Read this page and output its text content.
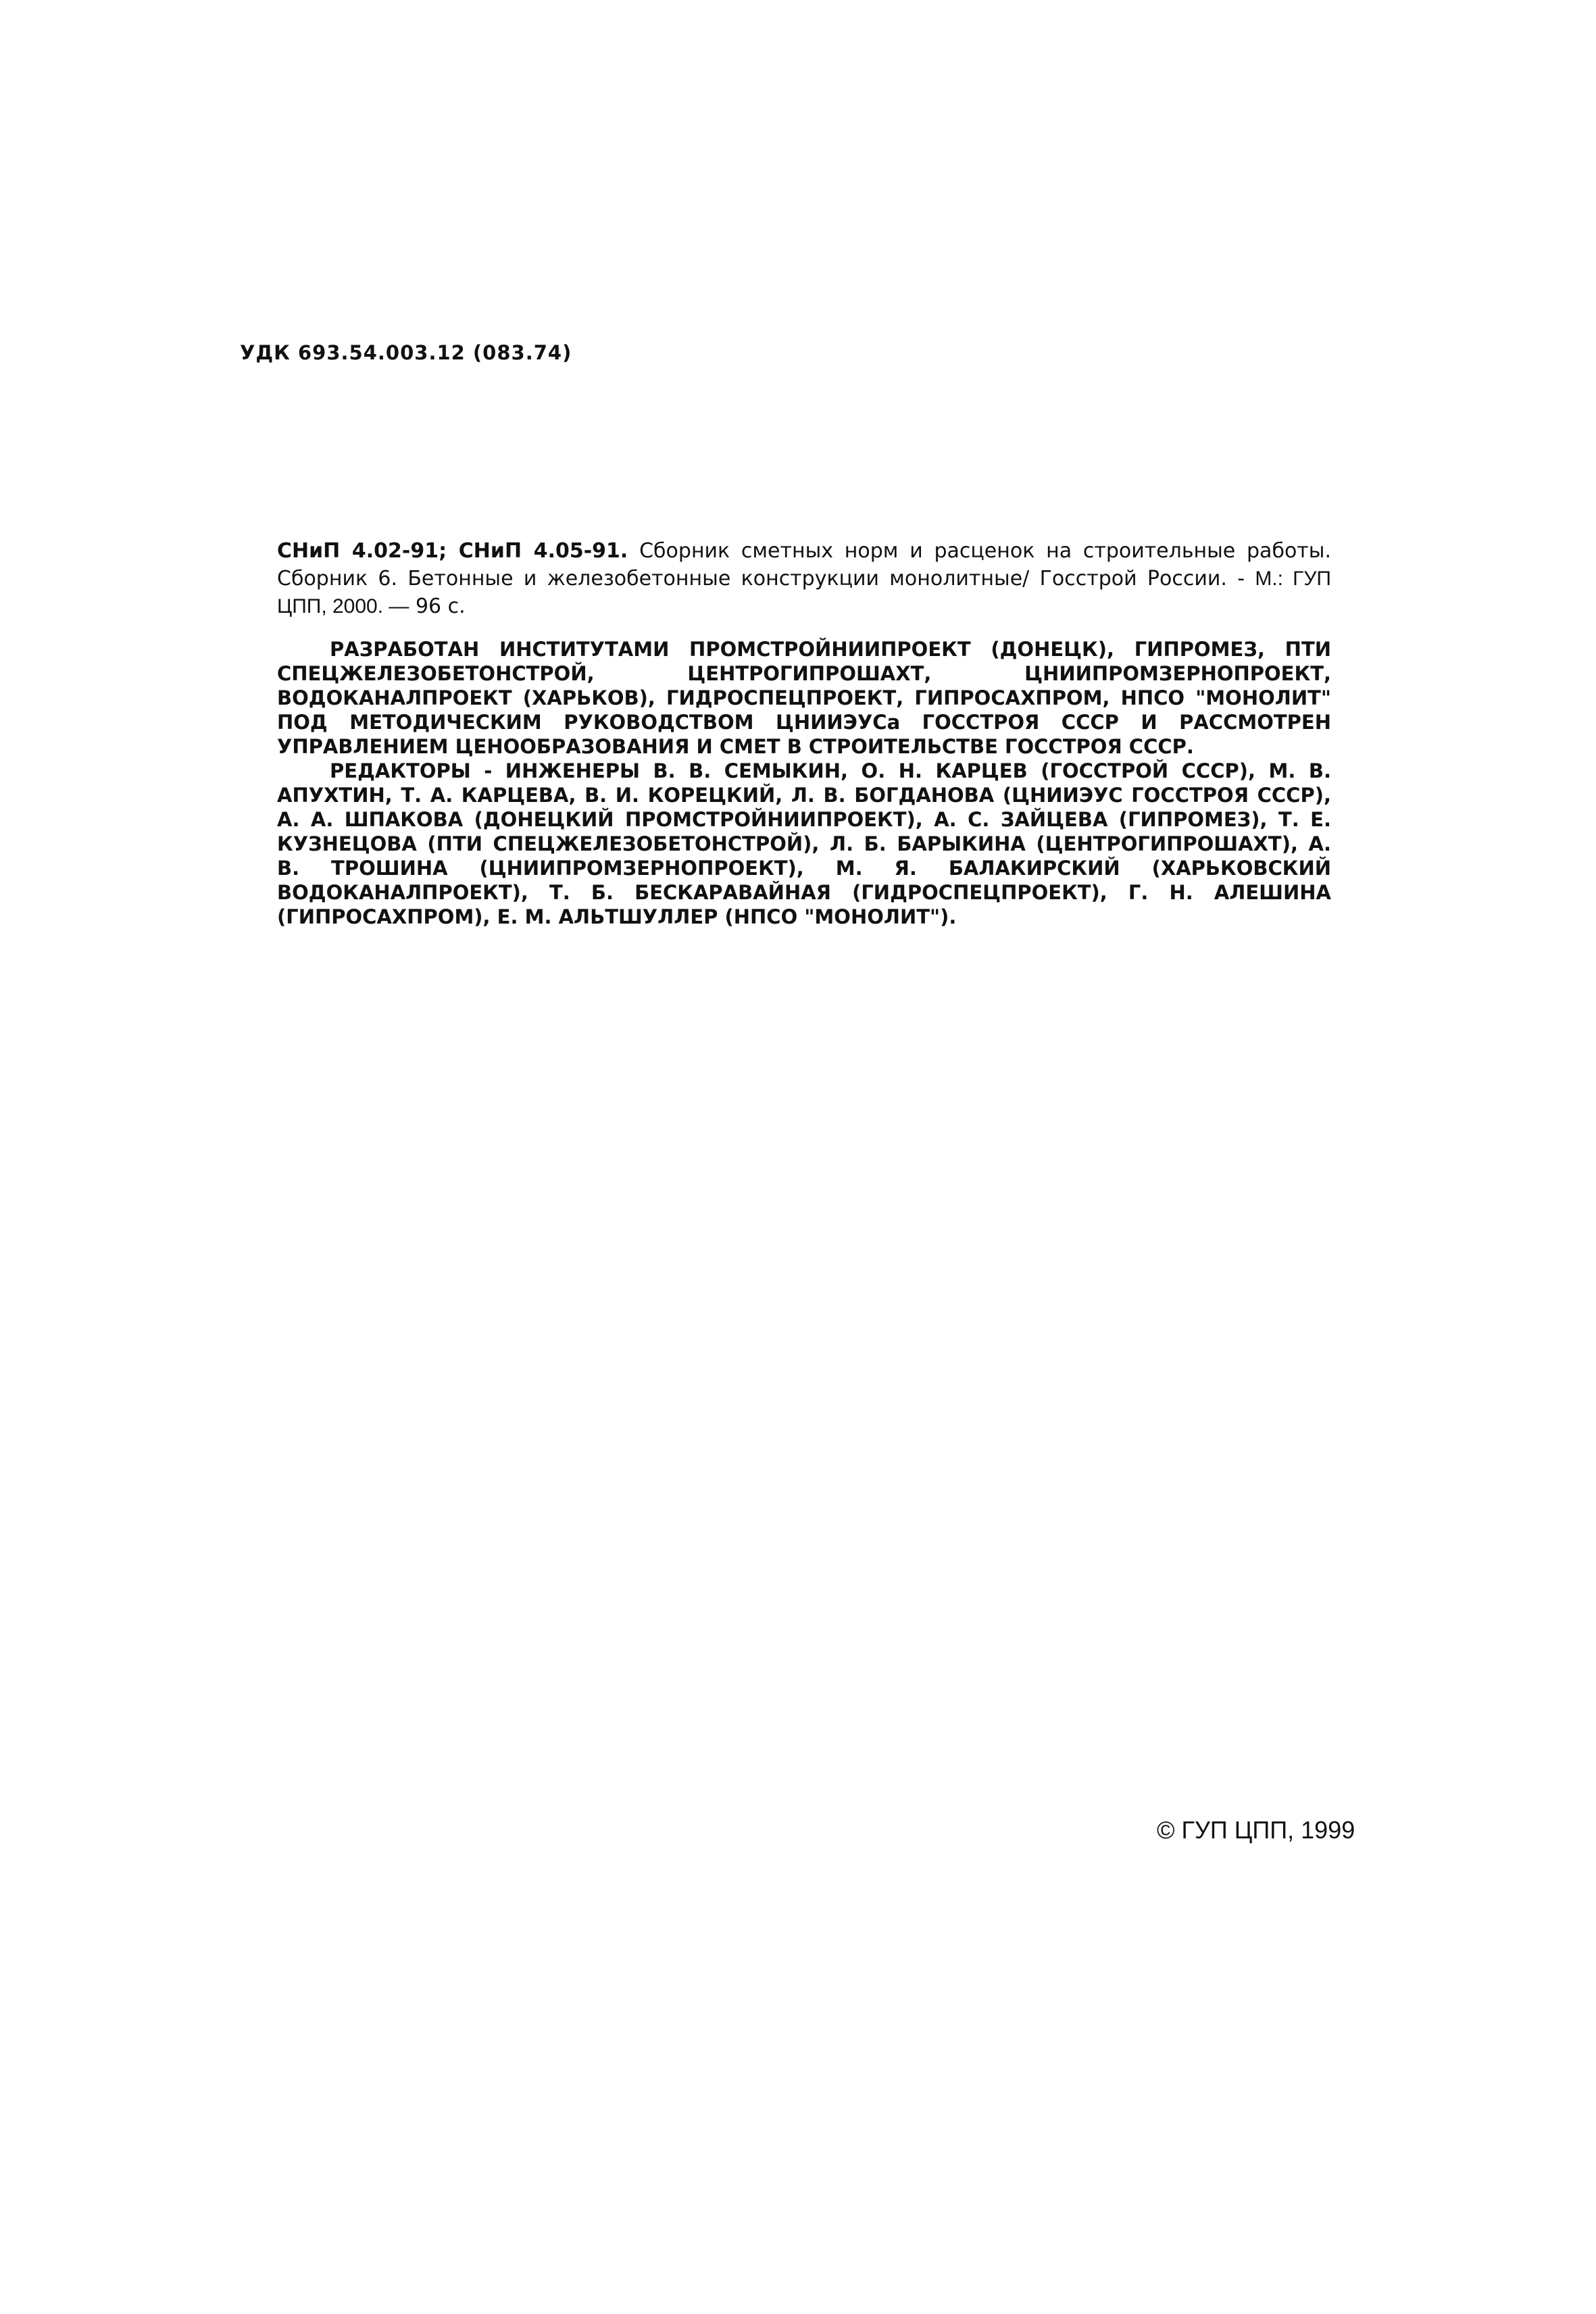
УДК 693.54.003.12 (083.74)
СНиП 4.02-91; СНиП 4.05-91. Сборник сметных норм и расценок на строительные работы. Сборник 6. Бетонные и железобетонные конструкции монолитные/ Госстрой России. - М.: ГУП ЦПП, 2000. — 96 с.

РАЗРАБОТАН ИНСТИТУТАМИ ПРОМСТРОЙНИИПРОЕКТ (ДОНЕЦК), ГИПРОМЕЗ, ПТИ СПЕЦЖЕЛЕЗОБЕТОНСТРОЙ, ЦЕНТРОГИПРОШАХТ, ЦНИИПРОМЗЕРНОПРОЕКТ, ВОДОКАНАЛПРОЕКТ (ХАРЬКОВ), ГИДРОСПЕЦПРОЕКТ, ГИПРОСАХПРОМ, НПСО "МОНОЛИТ" ПОД МЕТОДИЧЕСКИМ РУКОВОДСТВОМ ЦНИИЭУСа ГОССТРОЯ СССР И РАССМОТРЕН УПРАВЛЕНИЕМ ЦЕНООБРАЗОВАНИЯ И СМЕТ В СТРОИТЕЛЬСТВЕ ГОССТРОЯ СССР.

РЕДАКТОРЫ - ИНЖЕНЕРЫ В. В. СЕМЫКИН, О. Н. КАРЦЕВ (ГОССТРОЙ СССР), М. В. АПУХТИН, Т. А. КАРЦЕВА, В. И. КОРЕЦКИЙ, Л. В. БОГДАНОВА (ЦНИИЭУС ГОССТРОЯ СССР), А. А. ШПАКОВА (ДОНЕЦКИЙ ПРОМСТРОЙНИИПРОЕКТ), А. С. ЗАЙЦЕВА (ГИПРОМЕЗ), Т. Е. КУЗНЕЦОВА (ПТИ СПЕЦЖЕЛЕЗОБЕТОНСТРОЙ), Л. Б. БАРЫКИНА (ЦЕНТРОГИПРОШАХТ), А. В. ТРОШИНА (ЦНИИПРОМЗЕРНОПРОЕКТ), М. Я. БАЛАКИРСКИЙ (ХАРЬКОВСКИЙ ВОДОКАНАЛПРОЕКТ), Т. Б. БЕСКАРАВАЙНАЯ (ГИДРОСПЕЦПРОЕКТ), Г. Н. АЛЕШИНА (ГИПРОСАХПРОМ), Е. М. АЛЬТШУЛЛЕР (НПСО "МОНОЛИТ").

© ГУП ЦПП, 1999
